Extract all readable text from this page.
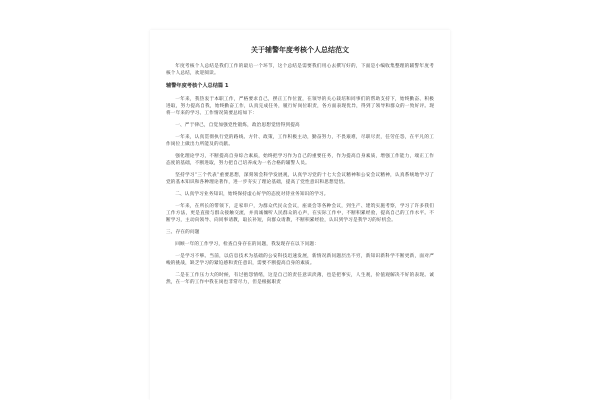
关于辅警年度考核个人总结范文

年度考核个人总结是我们工作的最后一个环节，这个总结是需要我们用心去撰写好的，下面是小编收集整理的辅警年度考核个人总结，欢迎阅读。

辅警年度考核个人总结篇 1

一年来，我热衷于本职工作，严格要求自己，摆正工作位置，在领导的关心栽培和同事们的帮助支持下，始终勤奋、积极进取，努力提高自我，始终勤奋工作，认真完成任务，履行好岗位职责，各方面表现优异，得到了领导和群众的一致好评。现将一年来的学习、工作情况简要总结如下：

一、严于律己，自觉加强党性锻炼，政治思想觉悟得到提高

一年来，认真贯彻执行党的路线、方针、政策，工作积极主动，勤奋努力，不畏艰难，尽职尽责，任劳任怨，在平凡的工作岗位上做出力所能及的贡献。

强化理论学习，不断提高自身综合素质，始终把学习作为自己的重要任务，作为提高自身素质，增强工作能力，端正工作态度的基础，不断进取，努力把自己培养成为一名合格的辅警人员。

坚持学习“三个代表”重要思想，深刻领会科学发展观，认真学习党的十七大会议精神和公安会议精神，认真系统地学习了党的基本知识和各种理论著作，进一步夯实了理论基础，提高了党性意识和思想觉悟。

二、认真学习业务知识，始终保持虚心好学的态度对待业务知识的学习。

一年来，在所长的带领下，走家串户，为群众代民众会议，座谈会等各种会议，到生产、建筑实施考察，学习了许多我们工作方法，更是直接与群众接触交流，并真诚倾听人民群众的心声，在实际工作中，不断积累经验，提高自己的工作水平。不断学习，主动向领导、向同事请教，取长补短，向群众请教，不断积累经验，认识到学习是我学习的好机会。

三、存在的问题

回顾一年的工作学习，检查自身存在的问题，我发现存在以下问题：

一是学习不够。当前，以信息技术为基础的公安科技迅速发展，新情况新问题层出不穷，新知识新科学不断更新，面对严峻的挑战，缺乏学习的紧迫感和责任意识，需要不断提高自身的素质。

二是在工作压力大的时候，有过抱怨情绪，这是自己的责任意识淡薄，也是把事实，人生观，价值观解决不好的表现。诚然，在一年的工作中我在岗也非常尽力，但是根据职责
